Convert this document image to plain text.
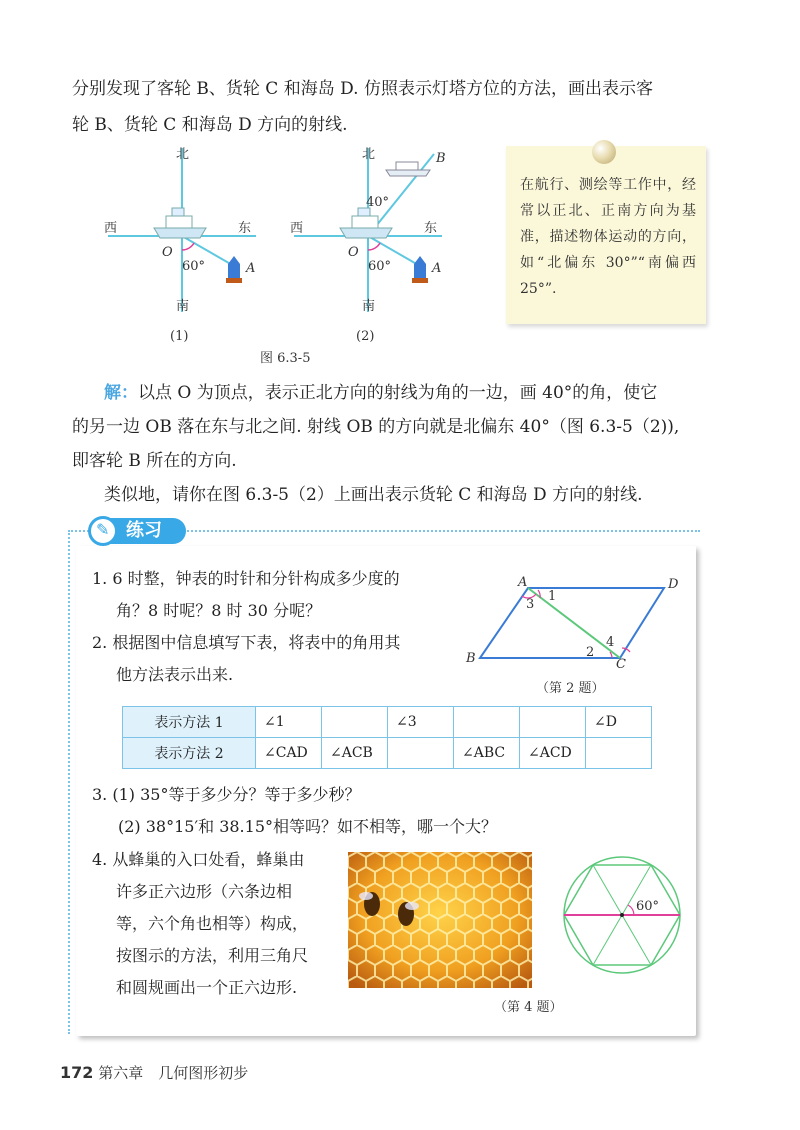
分别发现了客轮 B、货轮 C 和海岛 D. 仿照表示灯塔方位的方法，画出表示客

轮 B、货轮 C 和海岛 D 方向的射线.

北
南
西	东
O
60°	A
(1)
北
南
西	东
O
60°
40°
A
B
(2)
图 6.3-5
在航行、测绘等工作中，经常以正北、正南方向为基准，描述物体运动的方向，如“北偏东 30°”“南偏西 25°”.

解：以点 O 为顶点，表示正北方向的射线为角的一边，画 40°的角，使它

的另一边 OB 落在东与北之间. 射线 OB 的方向就是北偏东 40°（图 6.3-5（2)),

即客轮 B 所在的方向.

类似地，请你在图 6.3-5（2）上画出表示货轮 C 和海岛 D 方向的射线.

练习
✎
1. 6 时整，钟表的时针和分针构成多少度的
角？8 时呢？8 时 30 分呢？
2. 根据图中信息填写下表，将表中的角用其
他方法表示出来.
A	D
B	C
1
2
3
4
（第 2 题）
表示方法 1	∠1		∠3			∠D
表示方法 2	∠CAD	∠ACB		∠ABC	∠ACD	
3. (1) 35°等于多少分？等于多少秒？
(2) 38°15′和 38.15°相等吗？如不相等，哪一个大？
4. 从蜂巢的入口处看，蜂巢由
许多正六边形（六条边相
等，六个角也相等）构成，
按图示的方法，利用三角尺
和圆规画出一个正六边形.
60°
（第 4 题）
172 第六章　几何图形初步
